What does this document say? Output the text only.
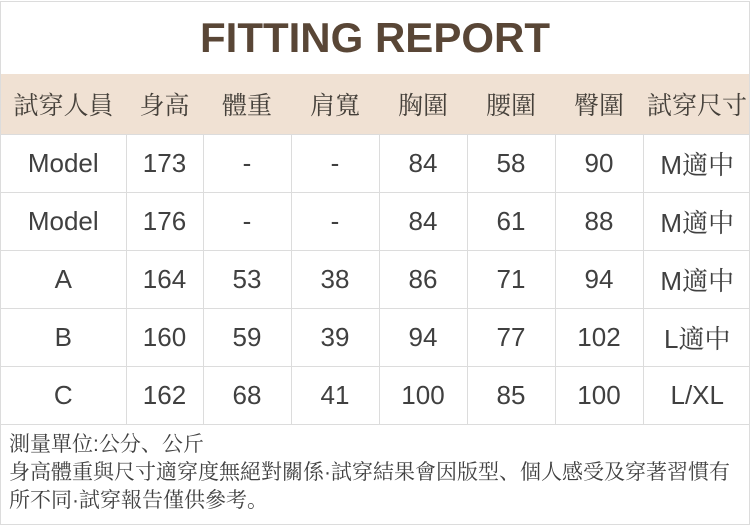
FITTING REPORT
試穿人員	身高	體重	肩寬	胸圍	腰圍	臀圍	試穿尺寸
Model	173	-	-	84	58	90	M適中
Model	176	-	-	84	61	88	M適中
A	164	53	38	86	71	94	M適中
B	160	59	39	94	77	102	L適中
C	162	68	41	100	85	100	L/XL
測量單位:公分、公斤
身高體重與尺寸適穿度無絕對關係·試穿結果會因版型、個人感受及穿著習慣有所不同·試穿報告僅供參考。
